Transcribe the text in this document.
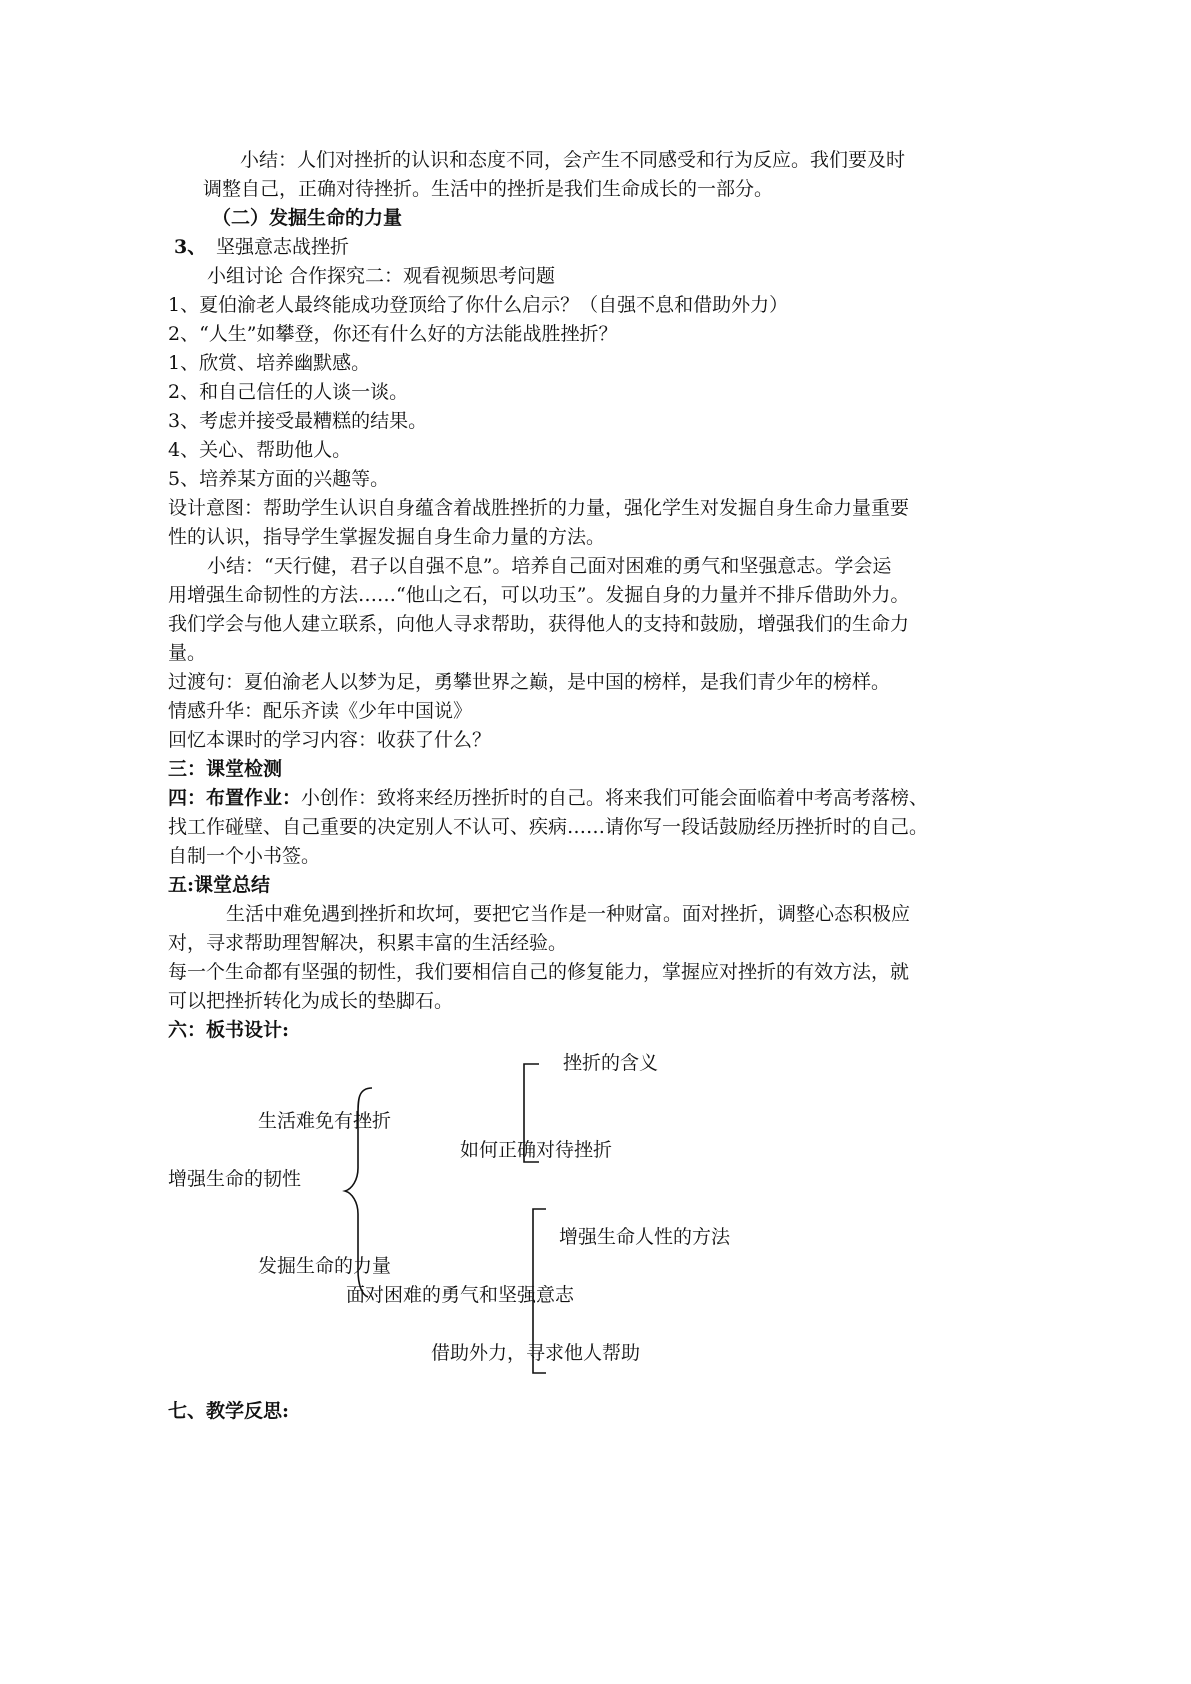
小结：人们对挫折的认识和态度不同，会产生不同感受和行为反应。我们要及时
调整自己，正确对待挫折。生活中的挫折是我们生命成长的一部分。
（二）发掘生命的力量
3、 坚强意志战挫折
小组讨论 合作探究二：观看视频思考问题
1、夏伯渝老人最终能成功登顶给了你什么启示？（自强不息和借助外力）
2、“人生”如攀登，你还有什么好的方法能战胜挫折？
1、欣赏、培养幽默感。
2、和自己信任的人谈一谈。
3、考虑并接受最糟糕的结果。
4、关心、帮助他人。
5、培养某方面的兴趣等。
设计意图：帮助学生认识自身蕴含着战胜挫折的力量，强化学生对发掘自身生命力量重要
性的认识，指导学生掌握发掘自身生命力量的方法。
小结：“天行健，君子以自强不息”。培养自己面对困难的勇气和坚强意志。学会运
用增强生命韧性的方法……“他山之石，可以功玉”。发掘自身的力量并不排斥借助外力。
我们学会与他人建立联系，向他人寻求帮助，获得他人的支持和鼓励，增强我们的生命力
量。
过渡句：夏伯渝老人以梦为足，勇攀世界之巅，是中国的榜样，是我们青少年的榜样。
情感升华：配乐齐读《少年中国说》
回忆本课时的学习内容：收获了什么？
三：课堂检测
四：布置作业：小创作：致将来经历挫折时的自己。将来我们可能会面临着中考高考落榜、
找工作碰壁、自己重要的决定别人不认可、疾病……请你写一段话鼓励经历挫折时的自己。
自制一个小书签。
五:课堂总结
生活中难免遇到挫折和坎坷，要把它当作是一种财富。面对挫折，调整心态积极应
对，寻求帮助理智解决，积累丰富的生活经验。
每一个生命都有坚强的韧性，我们要相信自己的修复能力，掌握应对挫折的有效方法，就
可以把挫折转化为成长的垫脚石。
六：板书设计:
挫折的含义
生活难免有挫折
如何正确对待挫折
增强生命的韧性
增强生命人性的方法
发掘生命的力量
面对困难的勇气和坚强意志
借助外力，寻求他人帮助
七、教学反思:
